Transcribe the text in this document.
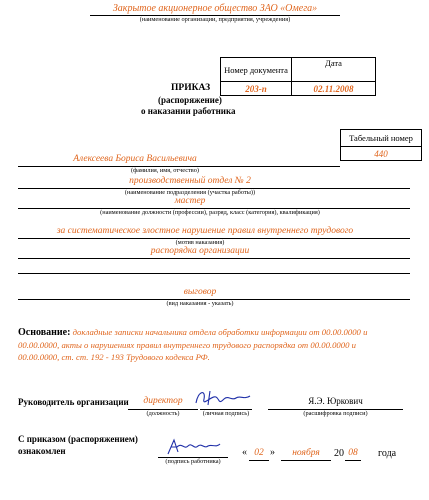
Закрытое акционерное общество ЗАО «Омега»
(наименование организации, предприятия, учреждения)
Номер документа	Дата
203-п	02.11.2008
ПРИКАЗ
(распоряжение)
о наказании работника
Табельный номер
440
Алексеева Бориса Васильевича
(фамилия, имя, отчество)
производственный отдел № 2
(наименование подразделения (участка работы))
мастер
(наименование должности (профессии), разряд, класс (категория), квалификация)
за систематическое злостное нарушение правил внутреннего трудового
(мотив наказания)
распорядка организации
выговор
(вид наказания - указать)
Основание: докладные записки начальника отдела обработки информации от 00.00.0000 и
00.00.0000, акты о нарушениях правил внутреннего трудового распорядка от 00.00.0000 и
00.00.0000, ст. ст. 192 - 193 Трудового кодекса РФ.
Руководитель организации	директор
(должность)	(личная подпись)
Я.Э. Юркович
(расшифровка подписи)
С приказом (распоряжением)
ознакомлен
(подпись работника)
« 02 »	ноября	20 08	года
